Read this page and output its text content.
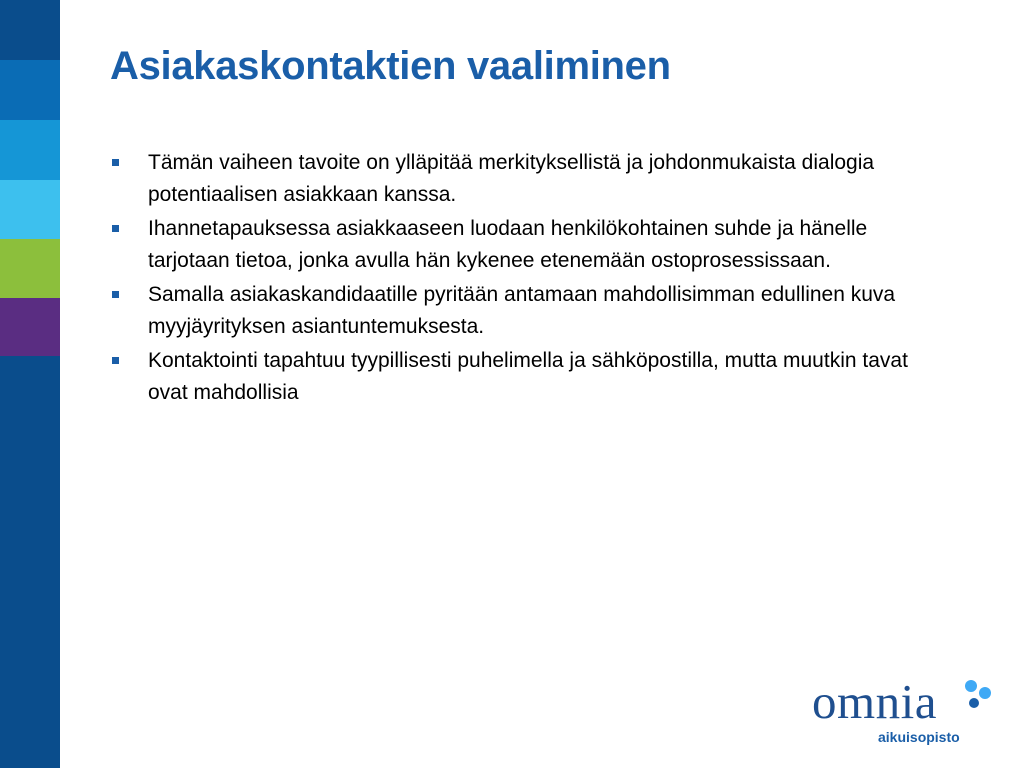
Asiakaskontaktien vaaliminen
Tämän vaiheen tavoite on ylläpitää merkityksellistä ja johdonmukaista dialogia potentiaalisen asiakkaan kanssa.
Ihannetapauksessa asiakkaaseen luodaan henkilökohtainen suhde ja hänelle tarjotaan tietoa, jonka avulla hän kykenee etenemään ostoprosessissaan.
Samalla asiakaskandidaatille pyritään antamaan mahdollisimman edullinen kuva myyjäyrityksen asiantuntemuksesta.
Kontaktointi tapahtuu tyypillisesti puhelimella ja sähköpostilla, mutta muutkin tavat ovat mahdollisia
omnia
aikuisopisto
